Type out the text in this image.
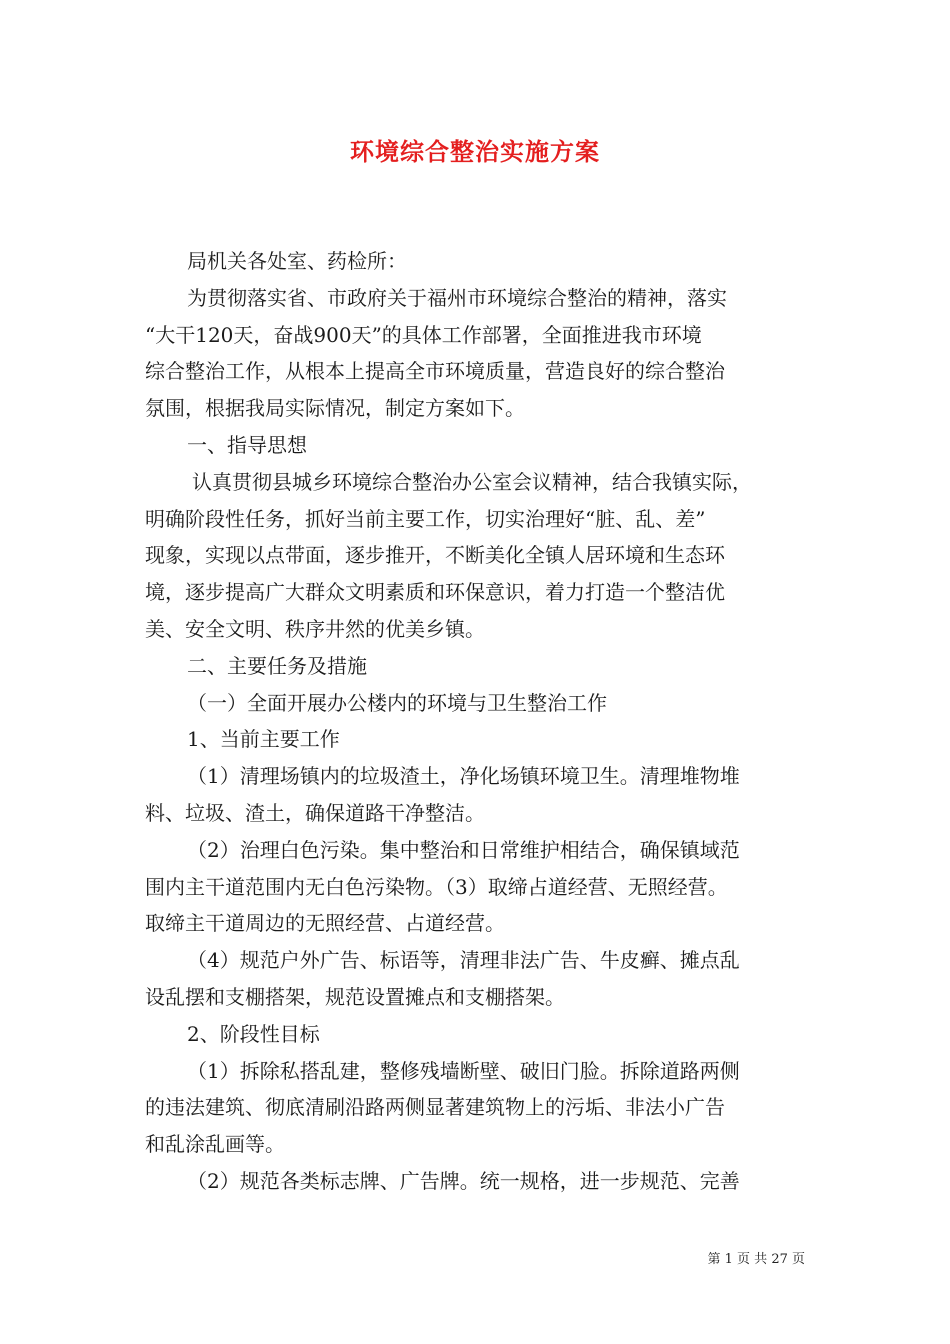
环境综合整治实施方案
局机关各处室、药检所：
为贯彻落实省、市政府关于福州市环境综合整治的精神，落实
“大干120天，奋战900天”的具体工作部署，全面推进我市环境
综合整治工作，从根本上提高全市环境质量，营造良好的综合整治
氛围，根据我局实际情况，制定方案如下。
一、指导思想
认真贯彻县城乡环境综合整治办公室会议精神，结合我镇实际，
明确阶段性任务，抓好当前主要工作，切实治理好“脏、乱、差”
现象，实现以点带面，逐步推开，不断美化全镇人居环境和生态环
境，逐步提高广大群众文明素质和环保意识，着力打造一个整洁优
美、安全文明、秩序井然的优美乡镇。
二、主要任务及措施
（一）全面开展办公楼内的环境与卫生整治工作
1、当前主要工作
（1）清理场镇内的垃圾渣土，净化场镇环境卫生。清理堆物堆
料、垃圾、渣土，确保道路干净整洁。
（2）治理白色污染。集中整治和日常维护相结合，确保镇域范
围内主干道范围内无白色污染物。（3）取缔占道经营、无照经营。
取缔主干道周边的无照经营、占道经营。
（4）规范户外广告、标语等，清理非法广告、牛皮癣、摊点乱
设乱摆和支棚搭架，规范设置摊点和支棚搭架。
2、阶段性目标
（1）拆除私搭乱建，整修残墙断壁、破旧门脸。拆除道路两侧
的违法建筑、彻底清刷沿路两侧显著建筑物上的污垢、非法小广告
和乱涂乱画等。
（2）规范各类标志牌、广告牌。统一规格，进一步规范、完善
第 1 页 共 27 页
